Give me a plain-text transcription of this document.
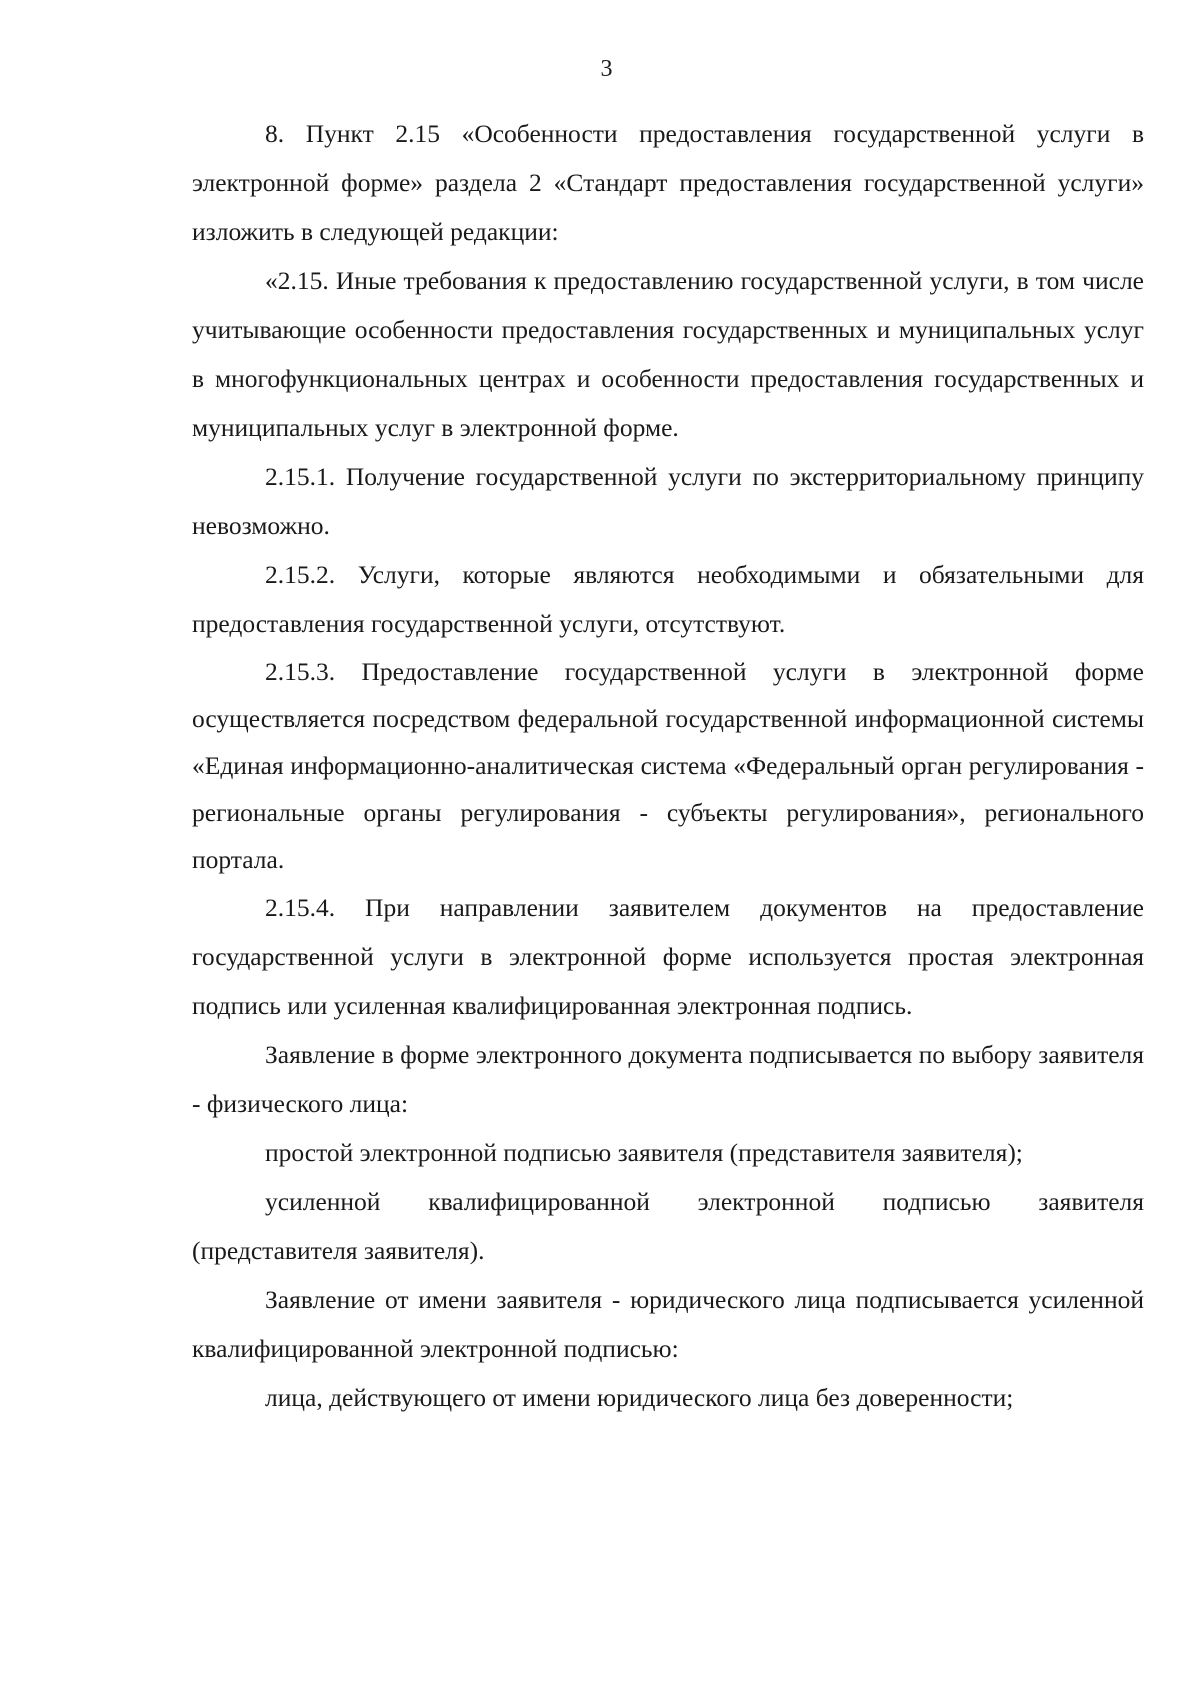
3

8. Пункт 2.15 «Особенности предоставления государственной услуги в электронной форме» раздела 2 «Стандарт предоставления государственной услуги» изложить в следующей редакции:

«2.15. Иные требования к предоставлению государственной услуги, в том числе учитывающие особенности предоставления государственных и муниципальных услуг в многофункциональных центрах и особенности предоставления государственных и муниципальных услуг в электронной форме.

2.15.1. Получение государственной услуги по экстерриториальному принципу невозможно.

2.15.2. Услуги, которые являются необходимыми и обязательными для предоставления государственной услуги, отсутствуют.

2.15.3. Предоставление государственной услуги в электронной форме осуществляется посредством федеральной государственной информационной системы «Единая информационно-аналитическая система «Федеральный орган регулирования - региональные органы регулирования - субъекты регулирования», регионального портала.

2.15.4. При направлении заявителем документов на предоставление государственной услуги в электронной форме используется простая электронная подпись или усиленная квалифицированная электронная подпись.

Заявление в форме электронного документа подписывается по выбору заявителя - физического лица:

простой электронной подписью заявителя (представителя заявителя);

усиленной квалифицированной электронной подписью заявителя (представителя заявителя).

Заявление от имени заявителя - юридического лица подписывается усиленной квалифицированной электронной подписью:

лица, действующего от имени юридического лица без доверенности;
